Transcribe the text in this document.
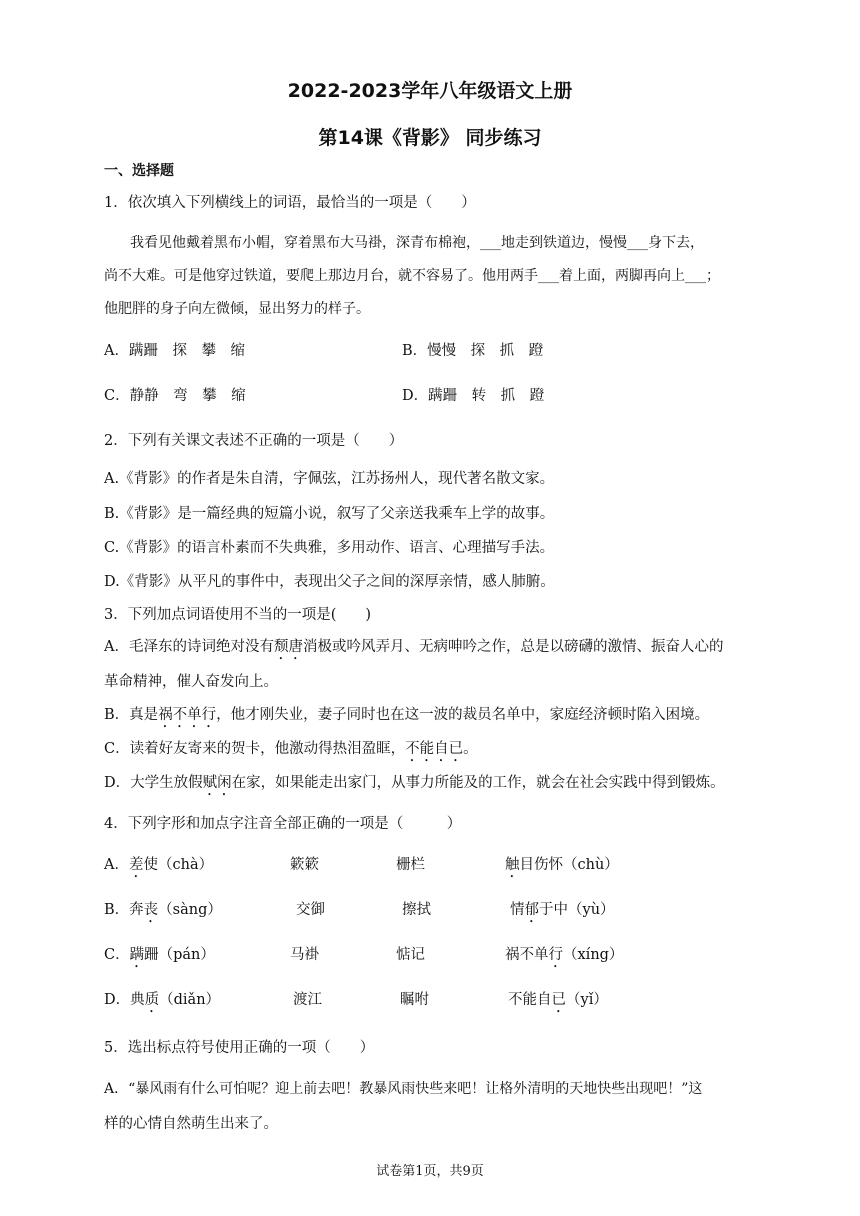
2022-2023学年八年级语文上册
第14课《背影》 同步练习
一、选择题
1．依次填入下列横线上的词语，最恰当的一项是（　　）
我看见他戴着黑布小帽，穿着黑布大马褂，深青布棉袍，___地走到铁道边，慢慢___身下去，
尚不大难。可是他穿过铁道，要爬上那边月台，就不容易了。他用两手___着上面，两脚再向上___；
他肥胖的身子向左微倾，显出努力的样子。
A．蹒跚　探　攀　缩	B．慢慢　探　抓　蹬
C．静静　弯　攀　缩	D．蹒跚　转　抓　蹬
2．下列有关课文表述不正确的一项是（　　）
A.《背影》的作者是朱自清，字佩弦，江苏扬州人，现代著名散文家。
B.《背影》是一篇经典的短篇小说，叙写了父亲送我乘车上学的故事。
C.《背影》的语言朴素而不失典雅，多用动作、语言、心理描写手法。
D.《背影》从平凡的事件中，表现出父子之间的深厚亲情，感人肺腑。
3．下列加点词语使用不当的一项是(　　)
A．毛泽东的诗词绝对没有颓唐消极或吟风弄月、无病呻吟之作，总是以磅礴的激情、振奋人心的
革命精神，催人奋发向上。
B．真是祸不单行，他才刚失业，妻子同时也在这一波的裁员名单中，家庭经济顿时陷入困境。
C．读着好友寄来的贺卡，他激动得热泪盈眶，不能自已。
D．大学生放假赋闲在家，如果能走出家门，从事力所能及的工作，就会在社会实践中得到锻炼。
4．下列字形和加点字注音全部正确的一项是（　　　）
A．差使（chà）	簌簌	栅栏	触目伤怀（chù）
B．奔丧（sàng）	交御	擦拭	情郁于中（yù）
C．蹒跚（pán）	马褂	惦记	祸不单行（xíng）
D．典质（diǎn）	渡江	瞩咐	不能自已（yǐ）
5．选出标点符号使用正确的一项（　　）
A．“暴风雨有什么可怕呢？迎上前去吧！教暴风雨快些来吧！让格外清明的天地快些出现吧！”这
样的心情自然萌生出来了。
试卷第1页，共9页
